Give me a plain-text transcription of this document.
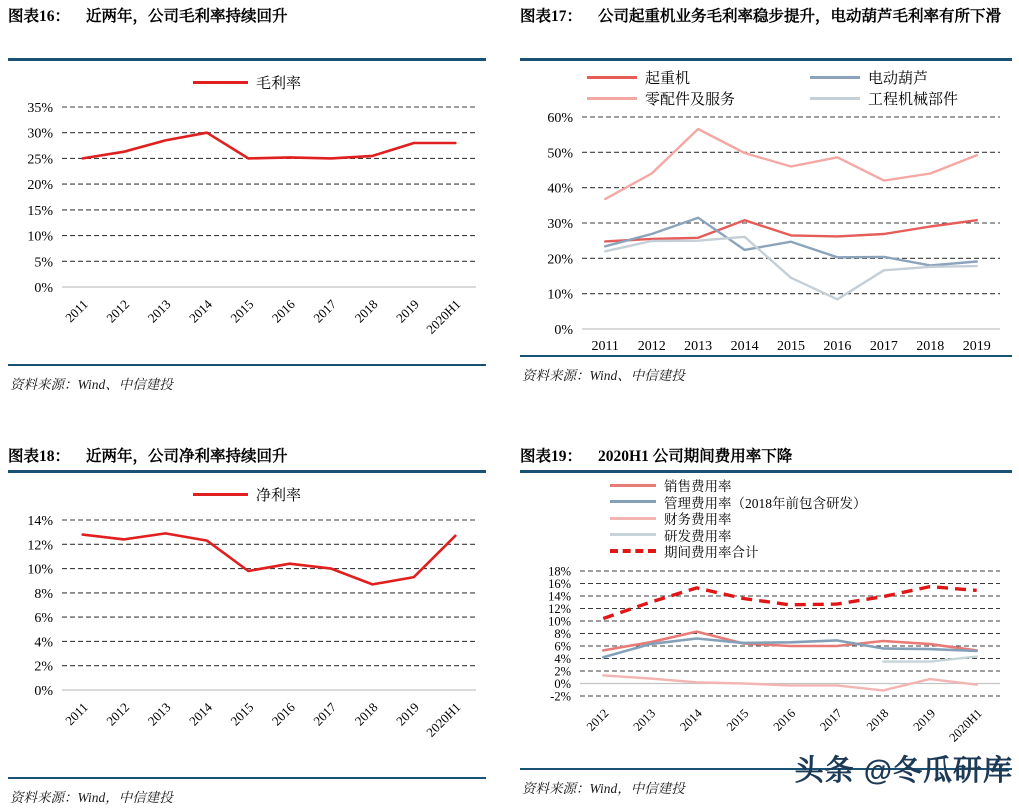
图表16： 近两年，公司毛利率持续回升
毛利率
35%
30%
25%
20%
15%
10%
5%
0%
2011 2012 2013 2014 2015 2016 2017 2018 2019 2020H1
资料来源：Wind、中信建投
图表17： 公司起重机业务毛利率稳步提升，电动葫芦毛利率有所下滑
起重机	电动葫芦
零配件及服务	工程机械部件
60%
50%
40%
30%
20%
10%
0%
2011 2012 2013 2014 2015 2016 2017 2018 2019
资料来源：Wind、中信建投
图表18： 近两年，公司净利率持续回升
净利率
14%
12%
10%
8%
6%
4%
2%
0%
2011 2012 2013 2014 2015 2016 2017 2018 2019 2020H1
资料来源：Wind，中信建投
图表19： 2020H1 公司期间费用率下降
销售费用率
管理费用率（2018年前包含研发）
财务费用率
研发费用率
期间费用率合计
18%
16%
14%
12%
10%
8%
6%
4%
2%
0%
-2%
2012 2013 2014 2015 2016 2017 2018 2019 2020H1
资料来源：Wind，中信建投
头条 @冬瓜研库
